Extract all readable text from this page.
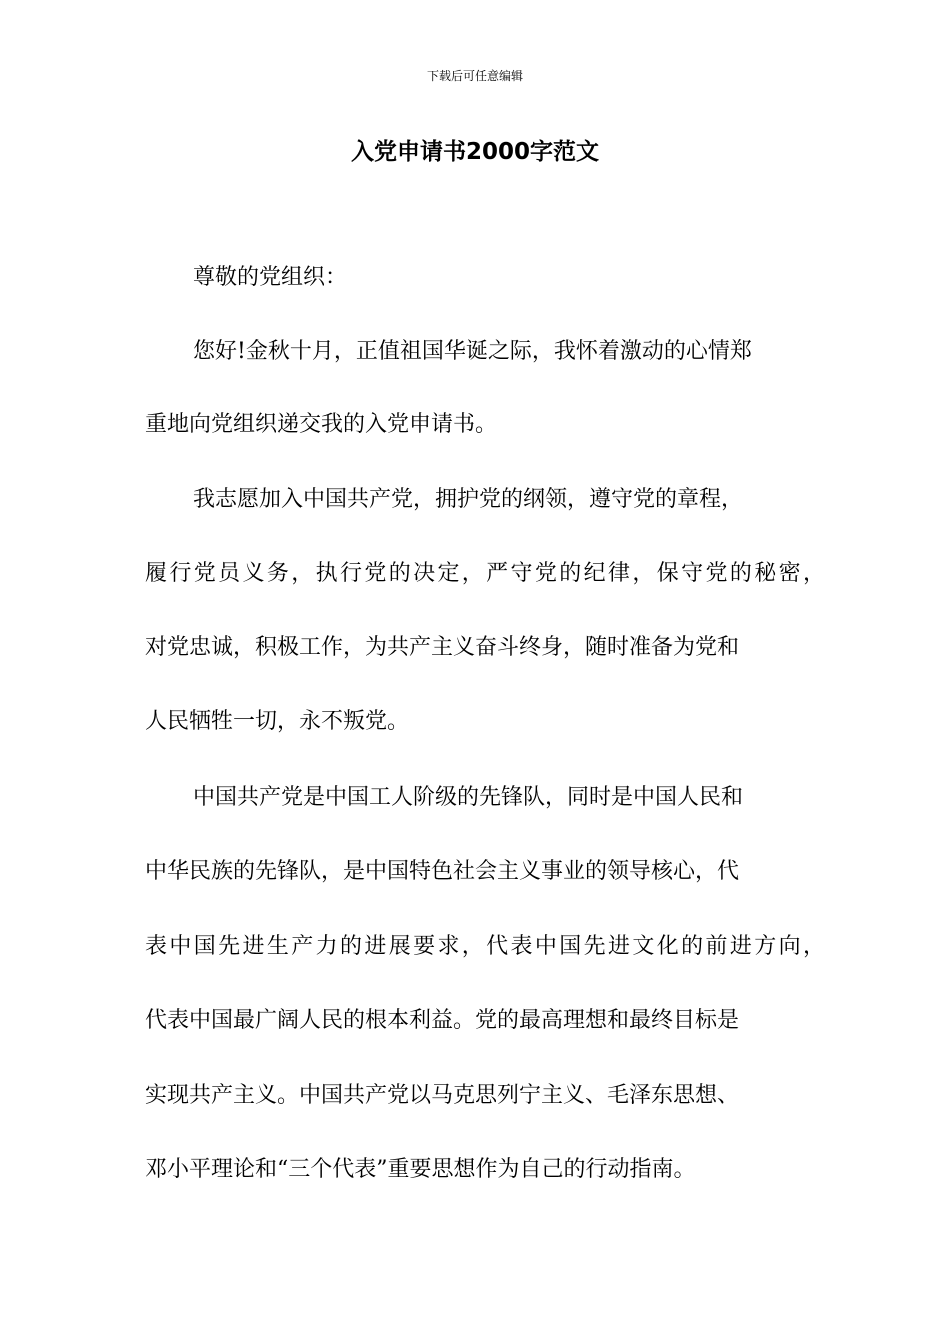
下载后可任意编辑
入党申请书2000字范文
尊敬的党组织：
您好!金秋十月，正值祖国华诞之际，我怀着激动的心情郑
重地向党组织递交我的入党申请书。
我志愿加入中国共产党，拥护党的纲领，遵守党的章程，
履行党员义务，执行党的决定，严守党的纪律，保守党的秘密，
对党忠诚，积极工作，为共产主义奋斗终身，随时准备为党和
人民牺牲一切，永不叛党。
中国共产党是中国工人阶级的先锋队，同时是中国人民和
中华民族的先锋队，是中国特色社会主义事业的领导核心，代
表中国先进生产力的进展要求，代表中国先进文化的前进方向，
代表中国最广阔人民的根本利益。党的最高理想和最终目标是
实现共产主义。中国共产党以马克思列宁主义、毛泽东思想、
邓小平理论和“三个代表”重要思想作为自己的行动指南。
